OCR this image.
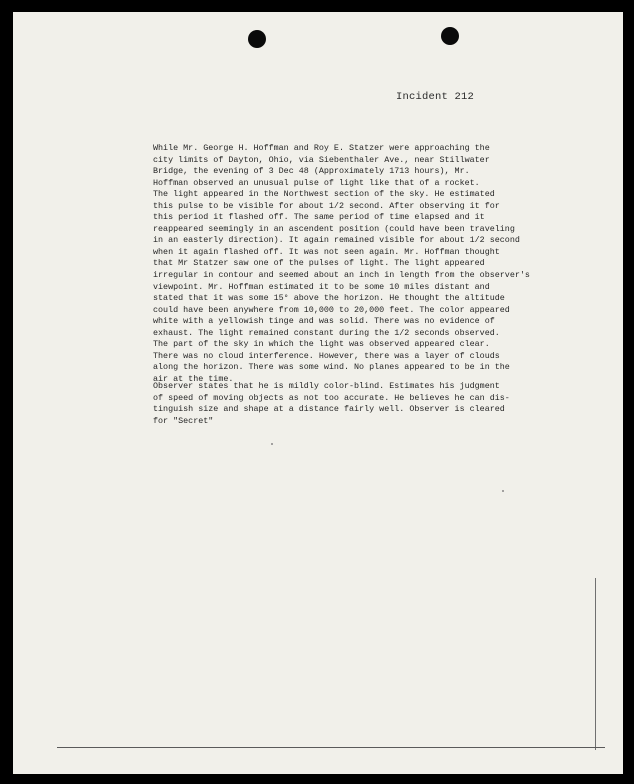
Incident 212
While Mr. George H. Hoffman and Roy E. Statzer were approaching the
city limits of Dayton, Ohio, via Siebenthaler Ave., near Stillwater
Bridge, the evening of 3 Dec 48 (Approximately 1713 hours), Mr.
Hoffman observed an unusual pulse of light like that of a rocket.
The light appeared in the Northwest section of the sky. He estimated
this pulse to be visible for about 1/2 second. After observing it for
this period it flashed off. The same period of time elapsed and it
reappeared seemingly in an ascendent position (could have been traveling
in an easterly direction). It again remained visible for about 1/2 second
when it again flashed off. It was not seen again. Mr. Hoffman thought
that Mr Statzer saw one of the pulses of light. The light appeared
irregular in contour and seemed about an inch in length from the observer's
viewpoint. Mr. Hoffman estimated it to be some 10 miles distant and
stated that it was some 15° above the horizon. He thought the altitude
could have been anywhere from 10,000 to 20,000 feet. The color appeared
white with a yellowish tinge and was solid. There was no evidence of
exhaust. The light remained constant during the 1/2 seconds observed.
The part of the sky in which the light was observed appeared clear.
There was no cloud interference. However, there was a layer of clouds
along the horizon. There was some wind. No planes appeared to be in the
air at the time.
Observer states that he is mildly color-blind. Estimates his judgment
of speed of moving objects as not too accurate. He believes he can dis-
tinguish size and shape at a distance fairly well. Observer is cleared
for "Secret"
